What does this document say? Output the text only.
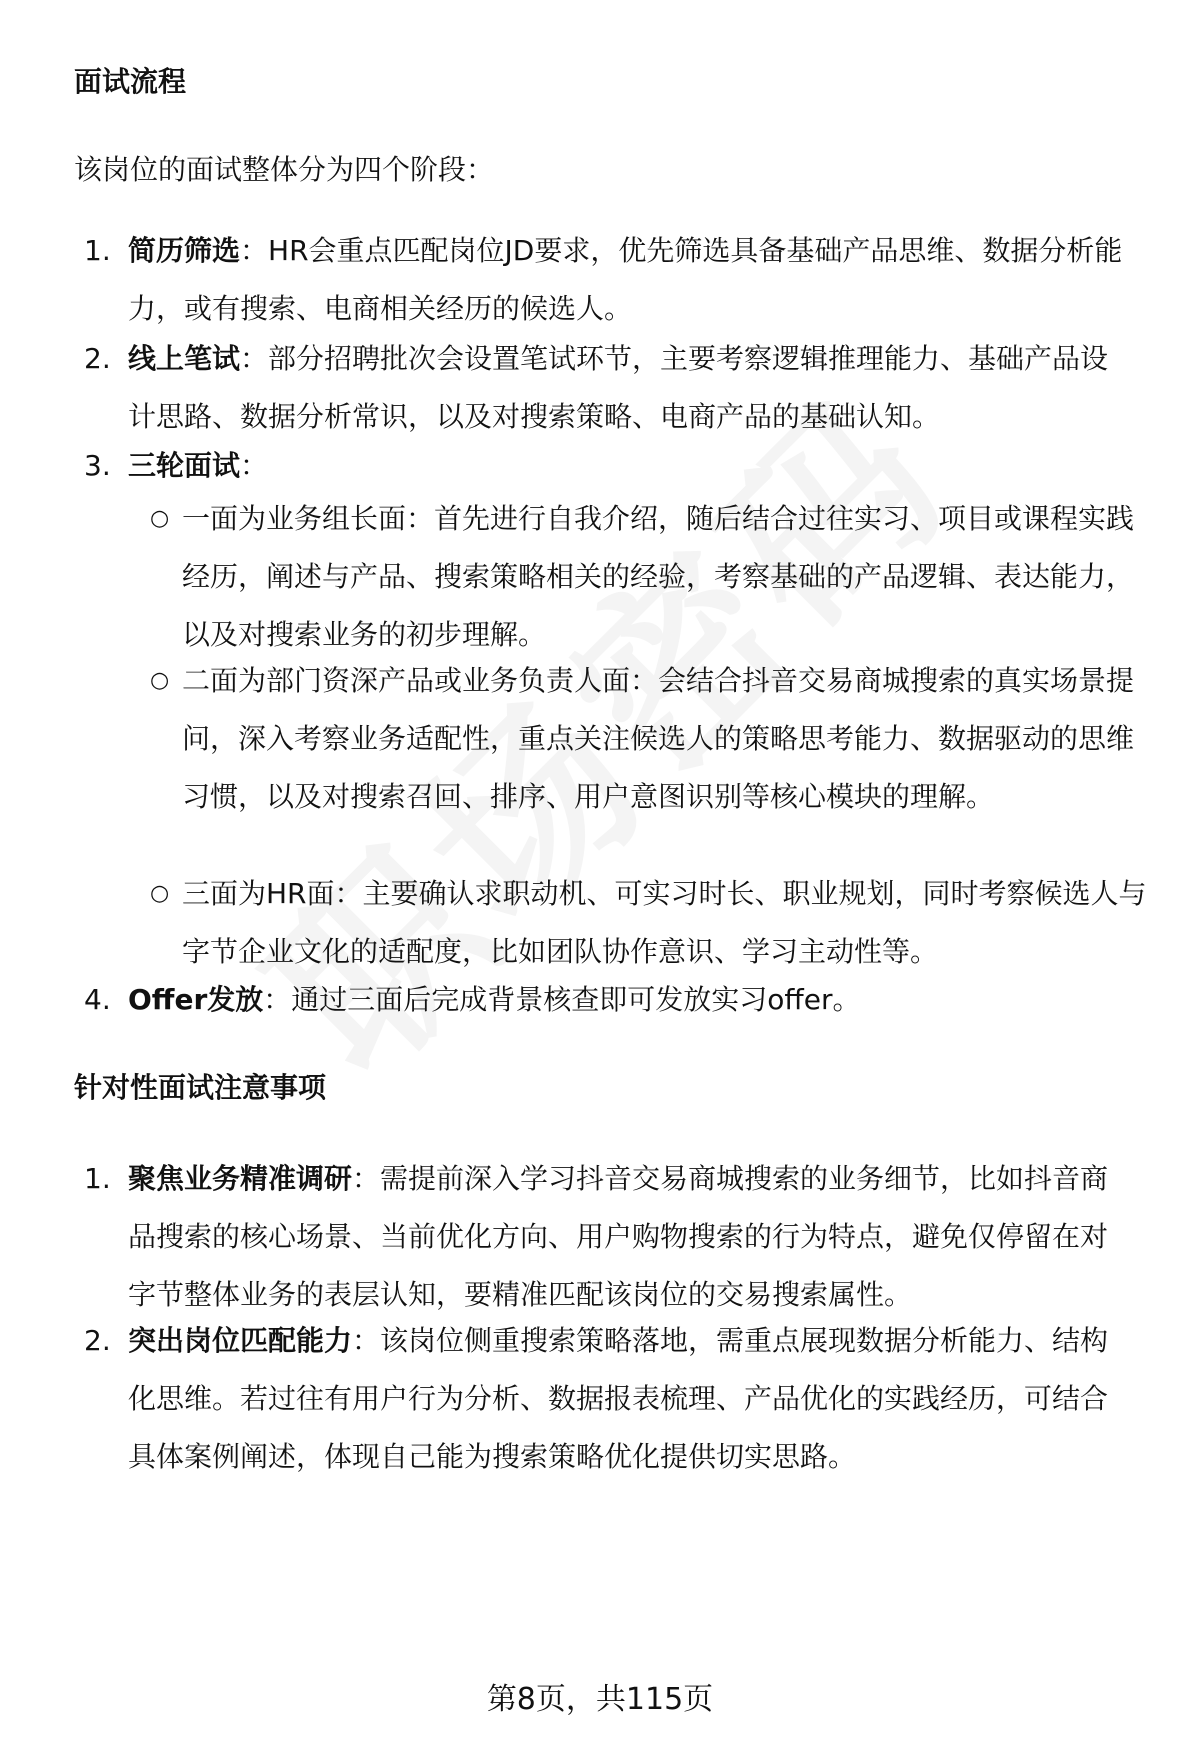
面试流程

该岗位的面试整体分为四个阶段：

1. 简历筛选：HR会重点匹配岗位JD要求，优先筛选具备基础产品思维、数据分析能力，或有搜索、电商相关经历的候选人。
2. 线上笔试：部分招聘批次会设置笔试环节，主要考察逻辑推理能力、基础产品设计思路、数据分析常识，以及对搜索策略、电商产品的基础认知。
3. 三轮面试：
○ 一面为业务组长面：首先进行自我介绍，随后结合过往实习、项目或课程实践经历，阐述与产品、搜索策略相关的经验，考察基础的产品逻辑、表达能力，以及对搜索业务的初步理解。
○ 二面为部门资深产品或业务负责人面：会结合抖音交易商城搜索的真实场景提问，深入考察业务适配性，重点关注候选人的策略思考能力、数据驱动的思维习惯，以及对搜索召回、排序、用户意图识别等核心模块的理解。
○ 三面为HR面：主要确认求职动机、可实习时长、职业规划，同时考察候选人与字节企业文化的适配度，比如团队协作意识、学习主动性等。
4. Offer发放：通过三面后完成背景核查即可发放实习offer。
针对性面试注意事项
1. 聚焦业务精准调研：需提前深入学习抖音交易商城搜索的业务细节，比如抖音商品搜索的核心场景、当前优化方向、用户购物搜索的行为特点，避免仅停留在对字节整体业务的表层认知，要精准匹配该岗位的交易搜索属性。
2. 突出岗位匹配能力：该岗位侧重搜索策略落地，需重点展现数据分析能力、结构化思维。若过往有用户行为分析、数据报表梳理、产品优化的实践经历，可结合具体案例阐述，体现自己能为搜索策略优化提供切实思路。
第8页，共115页
